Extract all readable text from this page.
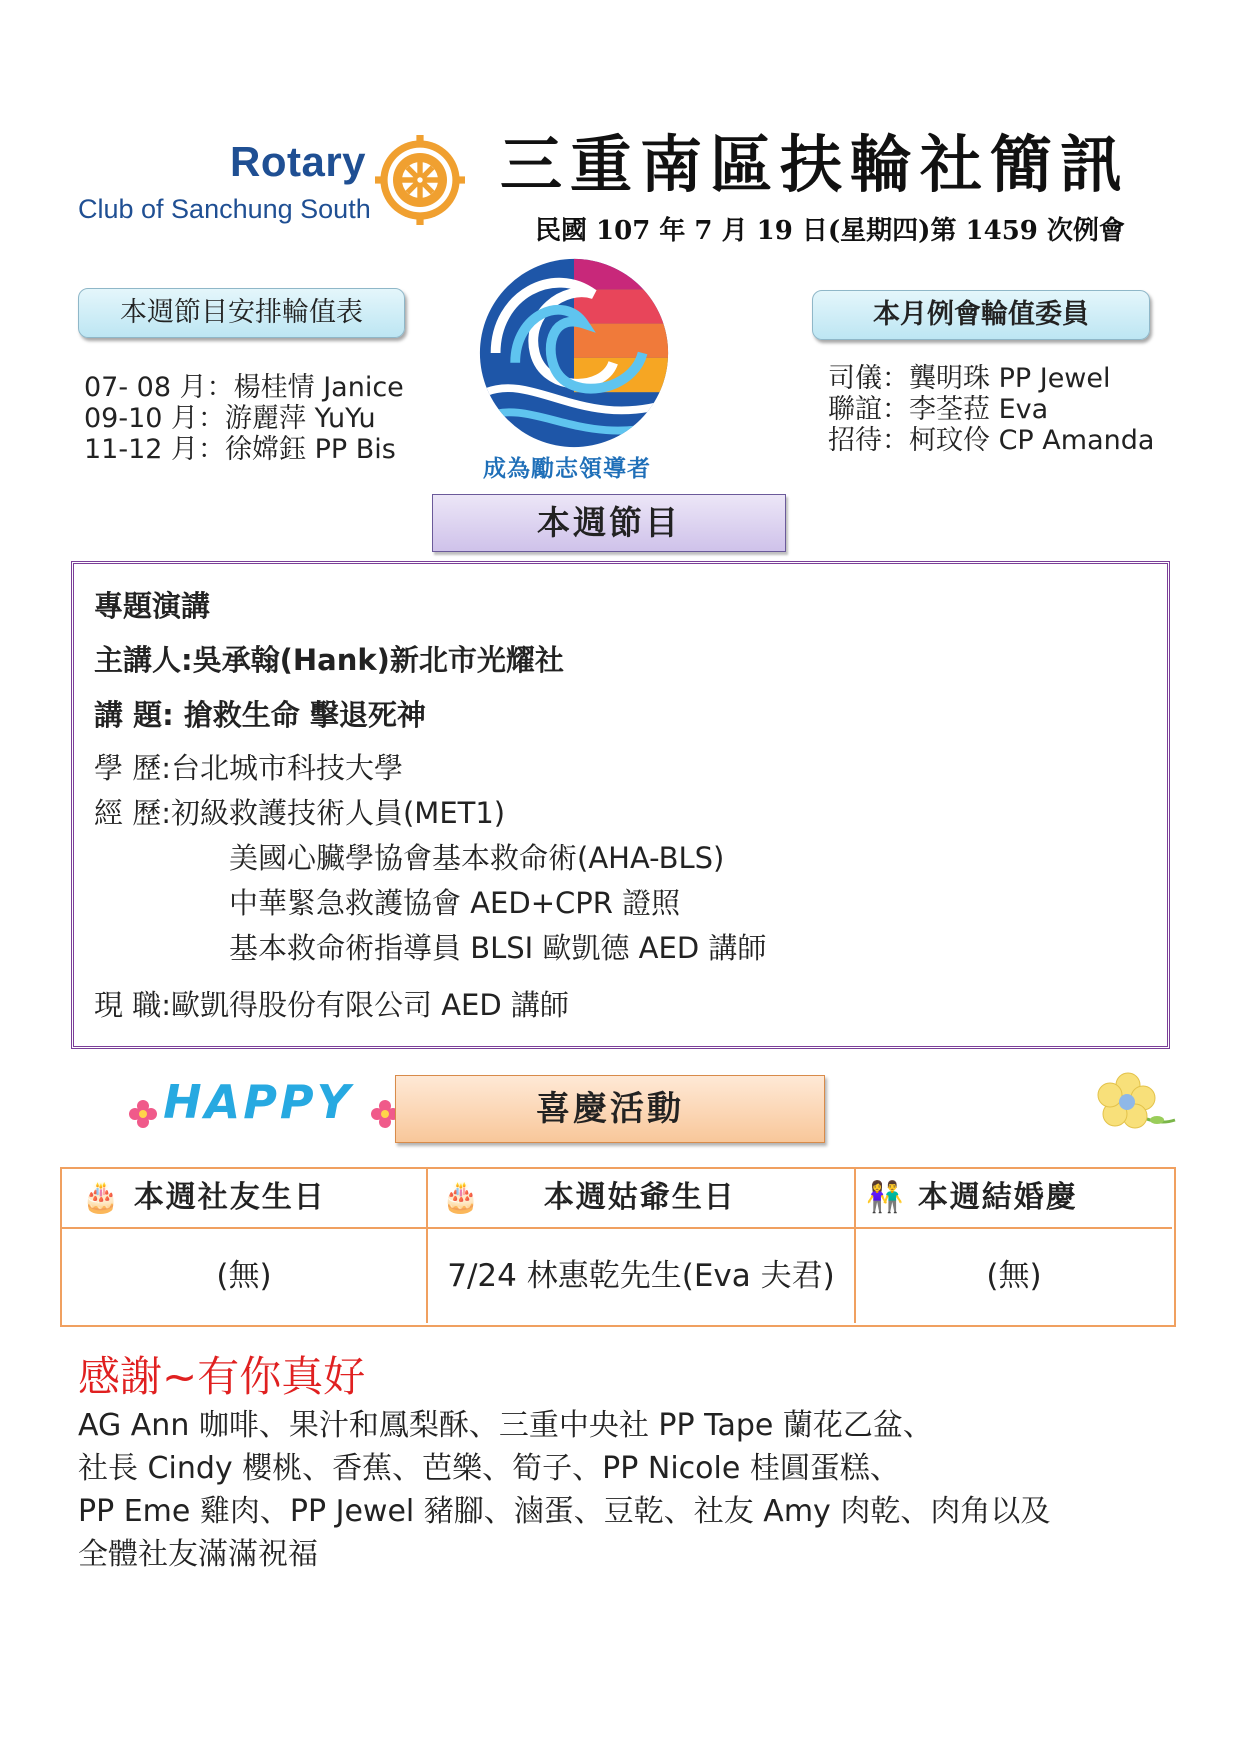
Rotary
Club of Sanchung South
三重南區扶輪社簡訊
民國 107 年 7 月 19 日(星期四)第 1459 次例會
本週節目安排輪值表
07- 08 月：楊桂情 Janice
09-10 月：游麗萍 YuYu
11-12 月：徐嫦鈺 PP Bis
本月例會輪值委員
司儀：龔明珠 PP Jewel
聯誼：李荃菈 Eva
招待：柯玟伶 CP Amanda
成為勵志領導者
本週節目
專題演講
主講人:吳承翰(Hank)新北市光耀社
講 題: 搶救生命 擊退死神
學 歷:台北城市科技大學
經 歷:初級救護技術人員(MET1)
美國心臟學協會基本救命術(AHA-BLS)
中華緊急救護協會 AED+CPR 證照
基本救命術指導員 BLSI 歐凱德 AED 講師
現 職:歐凱得股份有限公司 AED 講師
HAPPY	喜慶活動
🎂 本週社友生日	🎂 本週姑爺生日	👫 本週結婚慶
(無)	7/24 林惠乾先生(Eva 夫君)	(無)
感謝~有你真好
AG Ann 咖啡、果汁和鳳梨酥、三重中央社 PP Tape 蘭花乙盆、
社長 Cindy 櫻桃、香蕉、芭樂、筍子、PP Nicole 桂圓蛋糕、
PP Eme 雞肉、PP Jewel 豬腳、滷蛋、豆乾、社友 Amy 肉乾、肉角以及
全體社友滿滿祝福
